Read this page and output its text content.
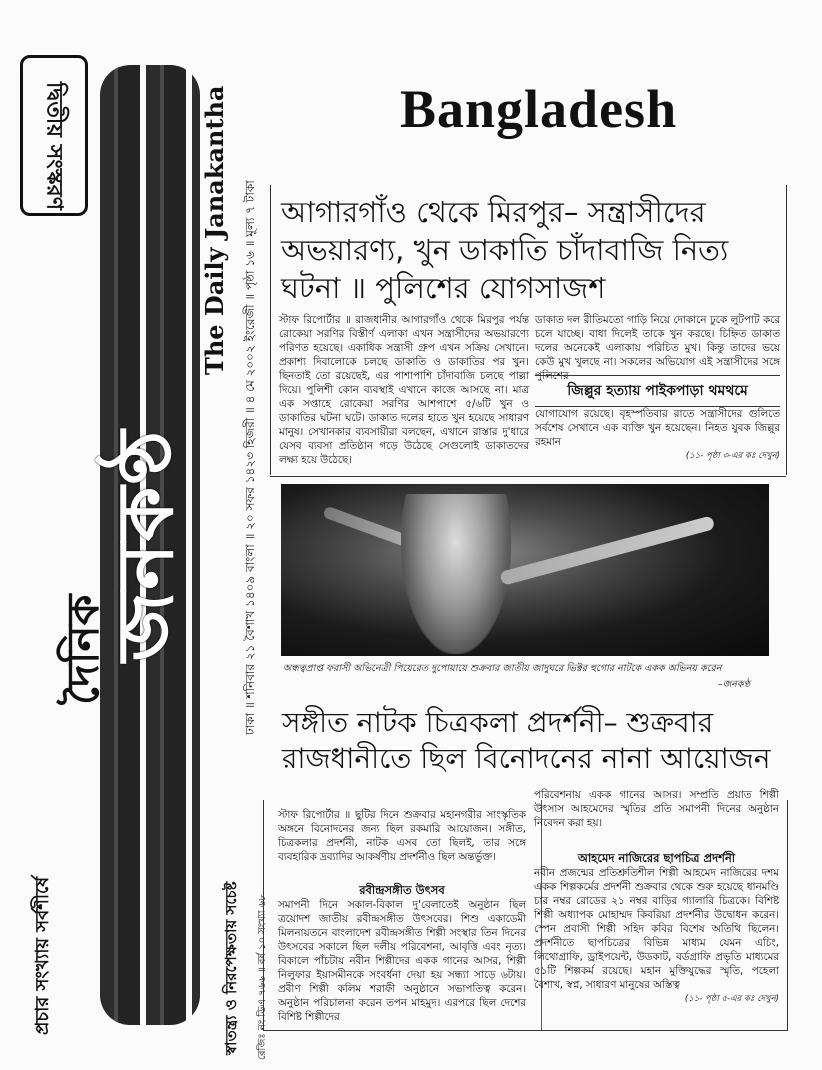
দ্বিতীয় সংস্করণ
জনকণ্ঠ
দৈনিক
প্রচার সংখ্যায় সর্বশীর্ষে
The Daily Janakantha ঢাকা ॥ শনিবার ২১ বৈশাখ ১৪০৯ বাংলা ॥ ২০ সফর ১৪২৩ হিজরী ॥ ৪ মে ২০০২ ইংরেজী ॥ পৃষ্ঠা ১৬ ॥ মূল্য ৭ টাকা
স্বাতন্ত্র্য ও নিরপেক্ষতায় সচেষ্ট	রেজিঃ নং ডিএ ৭৬৬ ॥ বর্ষ ১০ সংখ্যা ৬৮
Bangladesh
আগারগাঁও থেকে মিরপুর– সন্ত্রাসীদের অভয়ারণ্য, খুন ডাকাতি চাঁদাবাজি নিত্য ঘটনা ॥ পুলিশের যোগসাজশ
স্টাফ রিপোর্টার ॥ রাজধানীর আগারগাঁও থেকে মিরপুর পর্যন্ত রোকেয়া সরণির বিস্তীর্ণ এলাকা এখন সন্ত্রাসীদের অভয়ারণ্যে পরিণত হয়েছে। একাধিক সন্ত্রাসী গ্রুপ এখন সক্রিয় সেখানে। প্রকাশ্য দিবালোকে চলছে ডাকাতি ও ডাকাতির পর খুন। ছিনতাই তো রয়েছেই, এর পাশাপাশি চাঁদাবাজি চলছে পাল্লা দিয়ে। পুলিশী কোন ব্যবস্থাই এখানে কাজে আসছে না। মাত্র এক সপ্তাহে রোকেয়া সরণির আশপাশে ৫/৬টি খুন ও ডাকাতির ঘটনা ঘটে। ডাকাত দলের হাতে খুন হয়েছে সাধারণ মানুষ। সেখানকার ব্যবসায়ীরা বলছেন, এখানে রাস্তার দু'ধারে যেসব ব্যবসা প্রতিষ্ঠান গড়ে উঠেছে সেগুলোই ডাকাতদের লক্ষ্য হয়ে উঠেছে।
ডাকাত দল রীতিমতো গাড়ি নিয়ে দোকানে ঢুকে লুটপাট করে চলে যাচ্ছে। বাধা দিলেই তাকে খুন করছে। চিহ্নিত ডাকাত দলের অনেকেই এলাকায় পরিচিত মুখ। কিন্তু তাদের ভয়ে কেউ মুখ খুলছে না। সকলের অভিযোগ এই সন্ত্রাসীদের সঙ্গে পুলিশের
জিল্লুর হত্যায় পাইকপাড়া থমথমে
যোগাযোগ রয়েছে। বৃহস্পতিবার রাতে সন্ত্রাসীদের গুলিতে সর্বশেষ সেখানে এক ব্যক্তি খুন হয়েছেন। নিহত যুবক জিল্লুর রহমান
(১১- পৃষ্ঠা ৩-এর কঃ দেখুন)
অন্ধত্বপ্রাপ্ত ফরাসী অভিনেত্রী পিয়েরেত দুপোয়ায়ে শুক্রবার জাতীয় জাদুঘরে ভিক্টর হুগোর নাটকে একক অভিনয় করেন
–জনকণ্ঠ
সঙ্গীত নাটক চিত্রকলা প্রদর্শনী– শুক্রবার রাজধানীতে ছিল বিনোদনের নানা আয়োজন
স্টাফ রিপোর্টার ॥ ছুটির দিনে শুক্রবার মহানগরীর সাংস্কৃতিক অঙ্গনে বিনোদনের জন্য ছিল রকমারি আয়োজন। সঙ্গীত, চিত্রকলার প্রদর্শনী, নাটক এসব তো ছিলই, তার সঙ্গে ব্যবহারিক দ্রব্যাদির আকর্ষণীয় প্রদর্শনীও ছিল অন্তর্ভুক্ত।
রবীন্দ্রসঙ্গীত উৎসব
সমাপনী দিনে সকাল-বিকাল দু'বেলাতেই অনুষ্ঠান ছিল ত্রয়োদশ জাতীয় রবীন্দ্রসঙ্গীত উৎসবের। শিশু একাডেমী মিলনায়তনে বাংলাদেশ রবীন্দ্রসঙ্গীত শিল্পী সংস্থার তিন দিনের উৎসবের সকালে ছিল দলীয় পরিবেশনা, আবৃত্তি এবং নৃত্য। বিকালে পাঁচটায় নবীন শিল্পীদের একক গানের আসর, শিল্পী নিলুফার ইয়াসমীনকে সংবর্ধনা দেয়া হয় সন্ধ্যা সাড়ে ৬টায়। প্রবীণ শিল্পী কলিম শরাফী অনুষ্ঠানে সভাপতিত্ব করেন। অনুষ্ঠান পরিচালনা করেন তপন মাহমুদ। এরপরে ছিল দেশের বিশিষ্ট শিল্পীদের
পরিবেশনায় একক গানের আসর। সম্প্রতি প্রয়াত শিল্পী উৎসাস আহমেদের স্মৃতির প্রতি সমাপনী দিনের অনুষ্ঠান নিবেদন করা হয়।
আহমেদ নাজিরের ছাপচিত্র প্রদর্শনী
নবীন প্রজন্মের প্রতিশ্রুতিশীল শিল্পী আহমেদ নাজিরের দশম একক শিল্পকর্মের প্রদর্শনী শুক্রবার থেকে শুরু হয়েছে ধানমণ্ডি চার নম্বর রোডের ২১ নম্বর বাড়ির গ্যালারি চিত্রকে। বিশিষ্ট শিল্পী অধ্যাপক মোহাম্মদ কিবরিয়া প্রদর্শনীর উদ্বোধন করেন। স্পেন প্রবাসী শিল্পী সহিদ কবির বিশেষ অতিথি ছিলেন। প্রদর্শনীতে ছাপচিত্রের বিভিন্ন মাধ্যম যেমন এচিং, লিথোগ্রাফি, ড্রাইপয়েন্ট, উডকাট, বর্ডগ্রাফি প্রভৃতি মাধ্যমের ৫১টি শিল্পকর্ম রয়েছে। মহান মুক্তিযুদ্ধের স্মৃতি, পহেলা বৈশাখ, স্বপ্ন, সাধারণ মানুষের অস্তিত্ব
(১১- পৃষ্ঠা ৫-এর কঃ দেখুন)
